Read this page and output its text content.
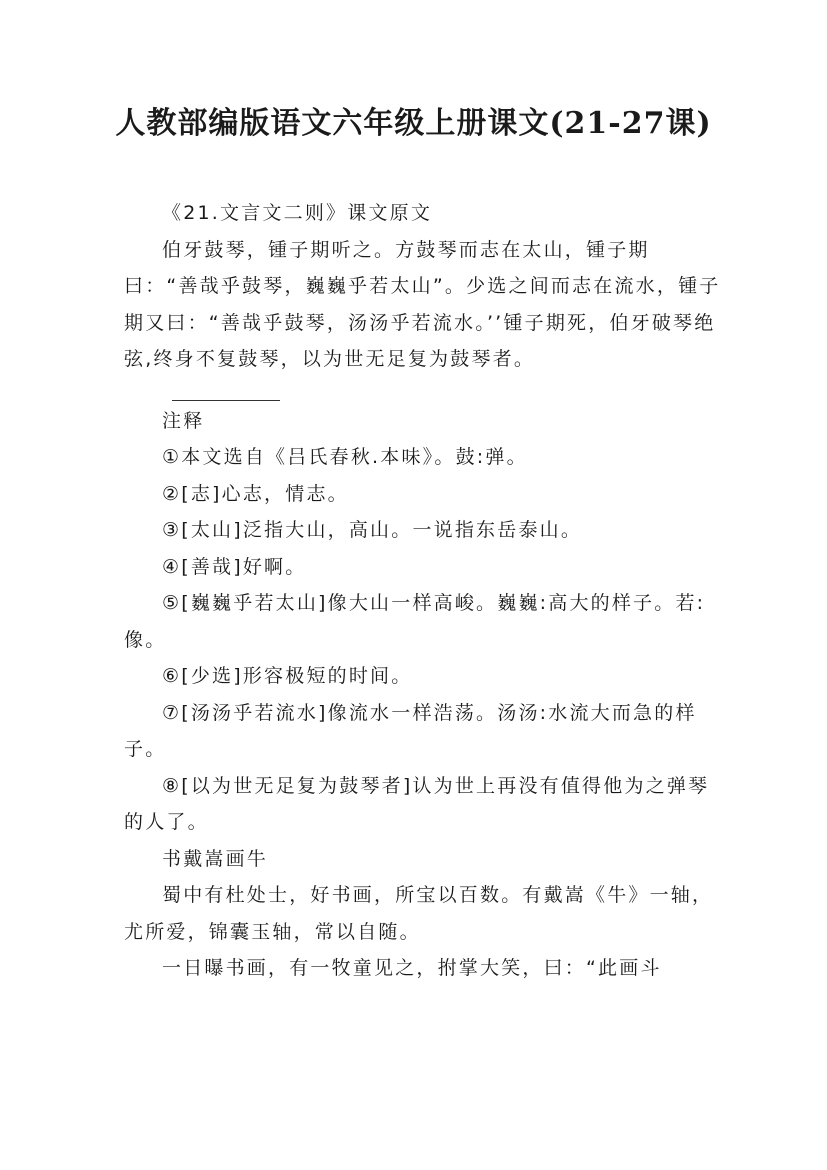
人教部编版语文六年级上册课文(21-27课)

《21.文言文二则》课文原文

伯牙鼓琴，锺子期听之。方鼓琴而志在太山，锺子期曰：“善哉乎鼓琴，巍巍乎若太山”。少选之间而志在流水，锺子期又曰：“善哉乎鼓琴，汤汤乎若流水。’’锺子期死，伯牙破琴绝弦,终身不复鼓琴，以为世无足复为鼓琴者。

注释

①本文选自《吕氏春秋.本味》。鼓:弹。

②[志]心志，情志。

③[太山]泛指大山，高山。一说指东岳泰山。

④[善哉]好啊。

⑤[巍巍乎若太山]像大山一样高峻。巍巍:高大的样子。若:像。

⑥[少选]形容极短的时间。

⑦[汤汤乎若流水]像流水一样浩荡。汤汤:水流大而急的样子。

⑧[以为世无足复为鼓琴者]认为世上再没有值得他为之弹琴的人了。

书戴嵩画牛

蜀中有杜处士，好书画，所宝以百数。有戴嵩《牛》一轴，尤所爱，锦囊玉轴，常以自随。

一日曝书画，有一牧童见之，拊掌大笑，曰：“此画斗
